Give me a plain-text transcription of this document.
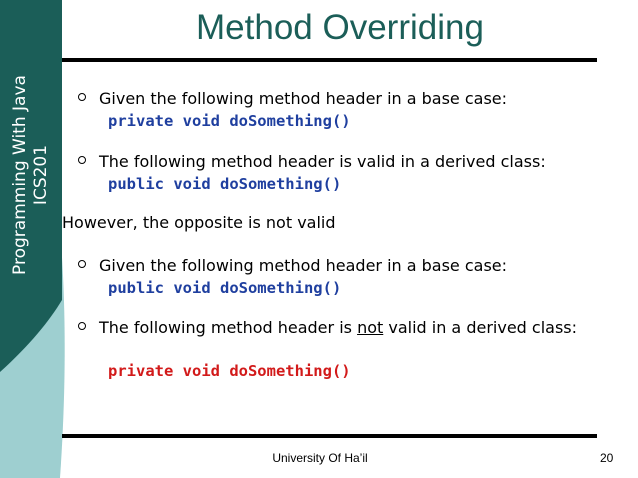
Programming With Java ICS201
Method Overriding
Given the following method header in a base case:
private void doSomething()
The following method header is valid in a derived class:
public void doSomething()
However, the opposite is not valid
Given the following method header in a base case:
public void doSomething()
The following method header is not valid in a derived class:
private void doSomething()
University Of Ha’il	20
